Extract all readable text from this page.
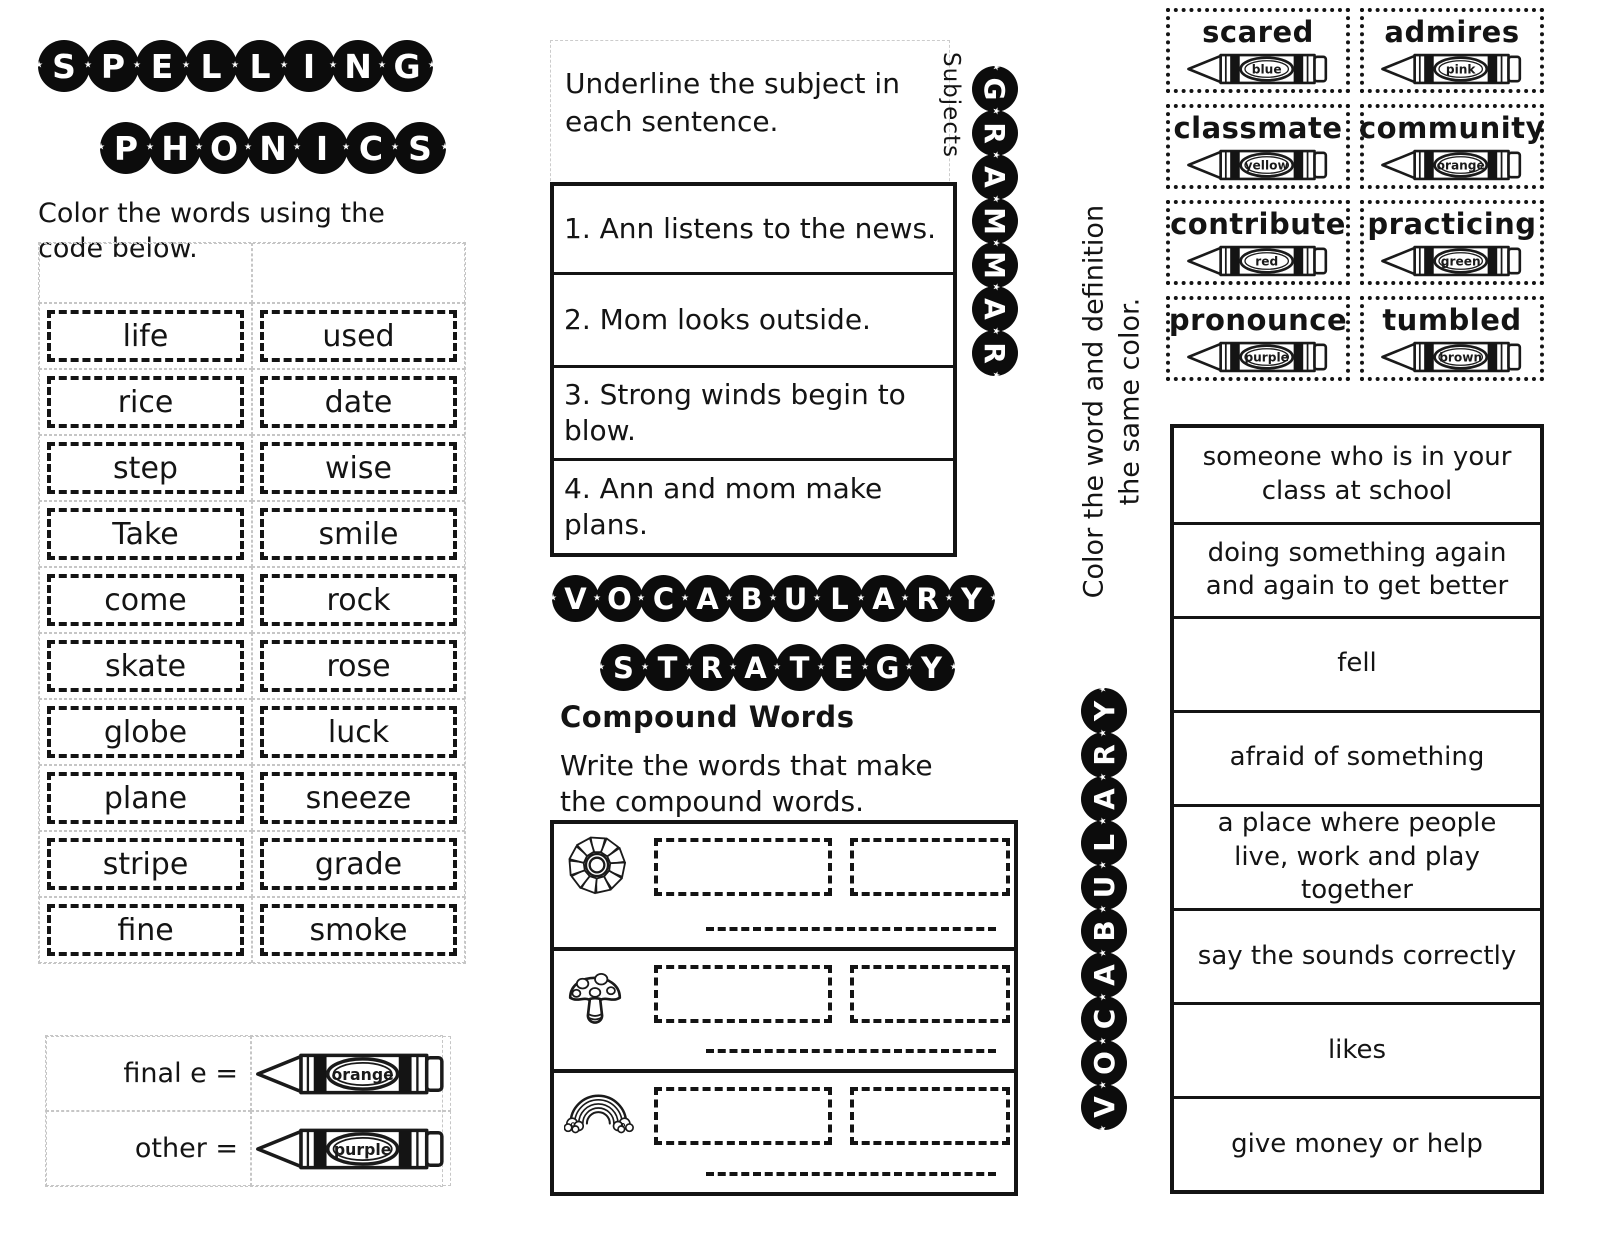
★ S ★ ★ P ★ ★ E ★ ★ L ★ ★ L ★ ★ I ★ ★ N ★ ★ G ★
★ P ★ ★ H ★ ★ O ★ ★ N ★ ★ I ★ ★ C ★ ★ S ★
Color the words using the code below.
life	used
rice	date
step	wise
Take	smile
come	rock
skate	rose
globe	luck
plane	sneeze
stripe	grade
fine	smoke
final e =	orange
other =	purple
Underline the subject in each sentence.	Subjects ★ G ★
★ R ★
★ A ★
★ M ★
★ M ★
★ A ★
★ R ★
1. Ann listens to the news.
2. Mom looks outside.
3. Strong winds begin to blow.
4. Ann and mom make plans.
★ V ★ ★ O ★ ★ C ★ ★ A ★ ★ B ★ ★ U ★ ★ L ★ ★ A ★ ★ R ★ ★ Y ★
★ S ★ ★ T ★ ★ R ★ ★ A ★ ★ T ★ ★ E ★ ★ G ★ ★ Y ★
Compound Words
Write the words that make the compound words.
Color the word and definition the same color.
★ V ★
★ O ★
★ C ★
★ A ★
★ B ★
★ U ★
★ L ★
★ A ★
★ R ★
★ Y ★
scared
blue
admires
pink
classmate
yellow
community
orange
contribute
red
practicing
green
pronounce
purple
tumbled
brown
someone who is in your class at school
doing something again and again to get better
fell
afraid of something
a place where people live, work and play together
say the sounds correctly
likes
give money or help
